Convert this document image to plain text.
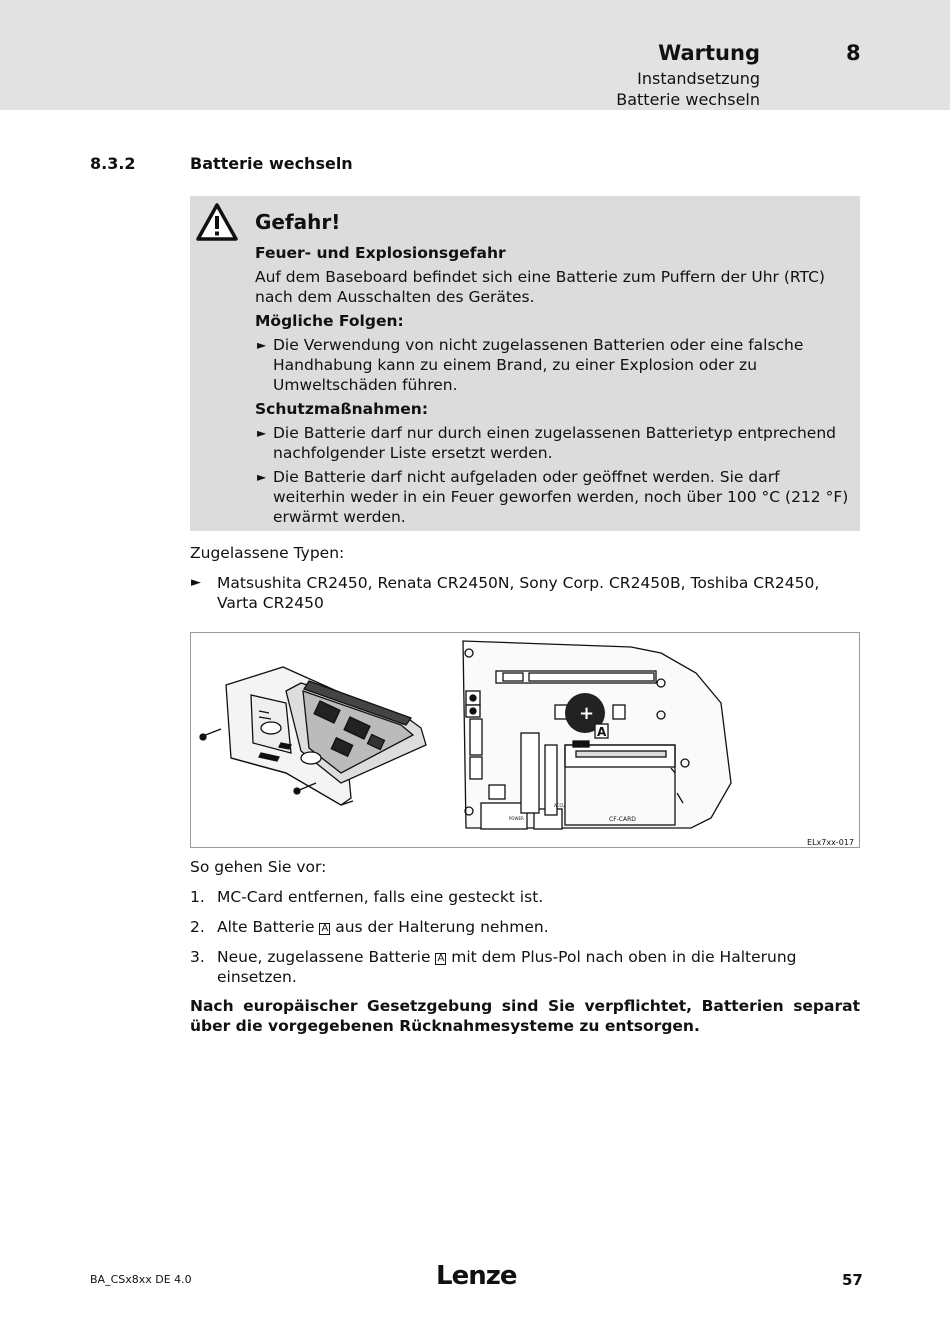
Wartung	8
Instandsetzung
Batterie wechseln
8.3.2	Batterie wechseln
Gefahr!
Feuer- und Explosionsgefahr
Auf dem Baseboard befindet sich eine Batterie zum Puffern der Uhr (RTC) nach dem Ausschalten des Gerätes.
Mögliche Folgen:
► Die Verwendung von nicht zugelassenen Batterien oder eine falsche Handhabung kann zu einem Brand, zu einer Explosion oder zu Umweltschäden führen.
Schutzmaßnahmen:
► Die Batterie darf nur durch einen zugelassenen Batterietyp entprechend nachfolgender Liste ersetzt werden.
► Die Batterie darf nicht aufgeladen oder geöffnet werden. Sie darf weiterhin weder in ein Feuer geworfen werden, noch über 100 °C (212 °F) erwärmt werden.
Zugelassene Typen:
► Matsushita CR2450, Renata CR2450N, Sony Corp. CR2450B, Toshiba CR2450, Varta CR2450
+
A
CF-CARD
POWER
ACCU
ELx7xx-017
So gehen Sie vor:
1. MC-Card entfernen, falls eine gesteckt ist.
2. Alte Batterie A aus der Halterung nehmen.
3. Neue, zugelassene Batterie A mit dem Plus-Pol nach oben in die Halterung einsetzen.
Nach europäischer Gesetzgebung sind Sie verpflichtet, Batterien separat über die vorgegebenen Rücknahmesysteme zu entsorgen.
BA_CSx8xx DE 4.0	Lenze	57
